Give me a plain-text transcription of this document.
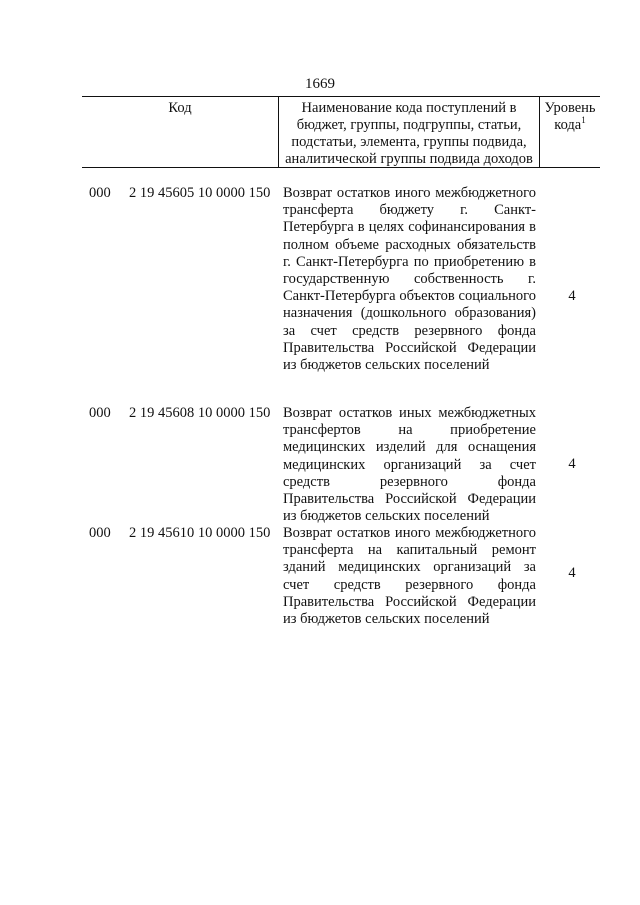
1669
Код	Наименование кода поступлений в бюджет, группы, подгруппы, статьи, подстатьи, элемента, группы подвида, аналитической группы подвида доходов
Уровень кода$^1$
000 2 19 45605 10 0000 150 Возврат остатков иного межбюджетного трансферта бюджету г. Санкт-Петербурга в целях софинансирования в полном объеме расходных обязательств г. Санкт-Петербурга по приобретению в государственную собственность г. Санкт-Петербурга объектов социального назначения (дошкольного образования) за счет средств резервного фонда Правительства Российской Федерации из бюджетов сельских поселений
4
000 2 19 45608 10 0000 150 Возврат остатков иных межбюджетных трансфертов на приобретение медицинских изделий для оснащения медицинских организаций за счет средств резервного фонда Правительства Российской Федерации из бюджетов сельских поселений
4
000 2 19 45610 10 0000 150 Возврат остатков иного межбюджетного трансферта на капитальный ремонт зданий медицинских организаций за счет средств резервного фонда Правительства Российской Федерации из бюджетов сельских поселений
4
